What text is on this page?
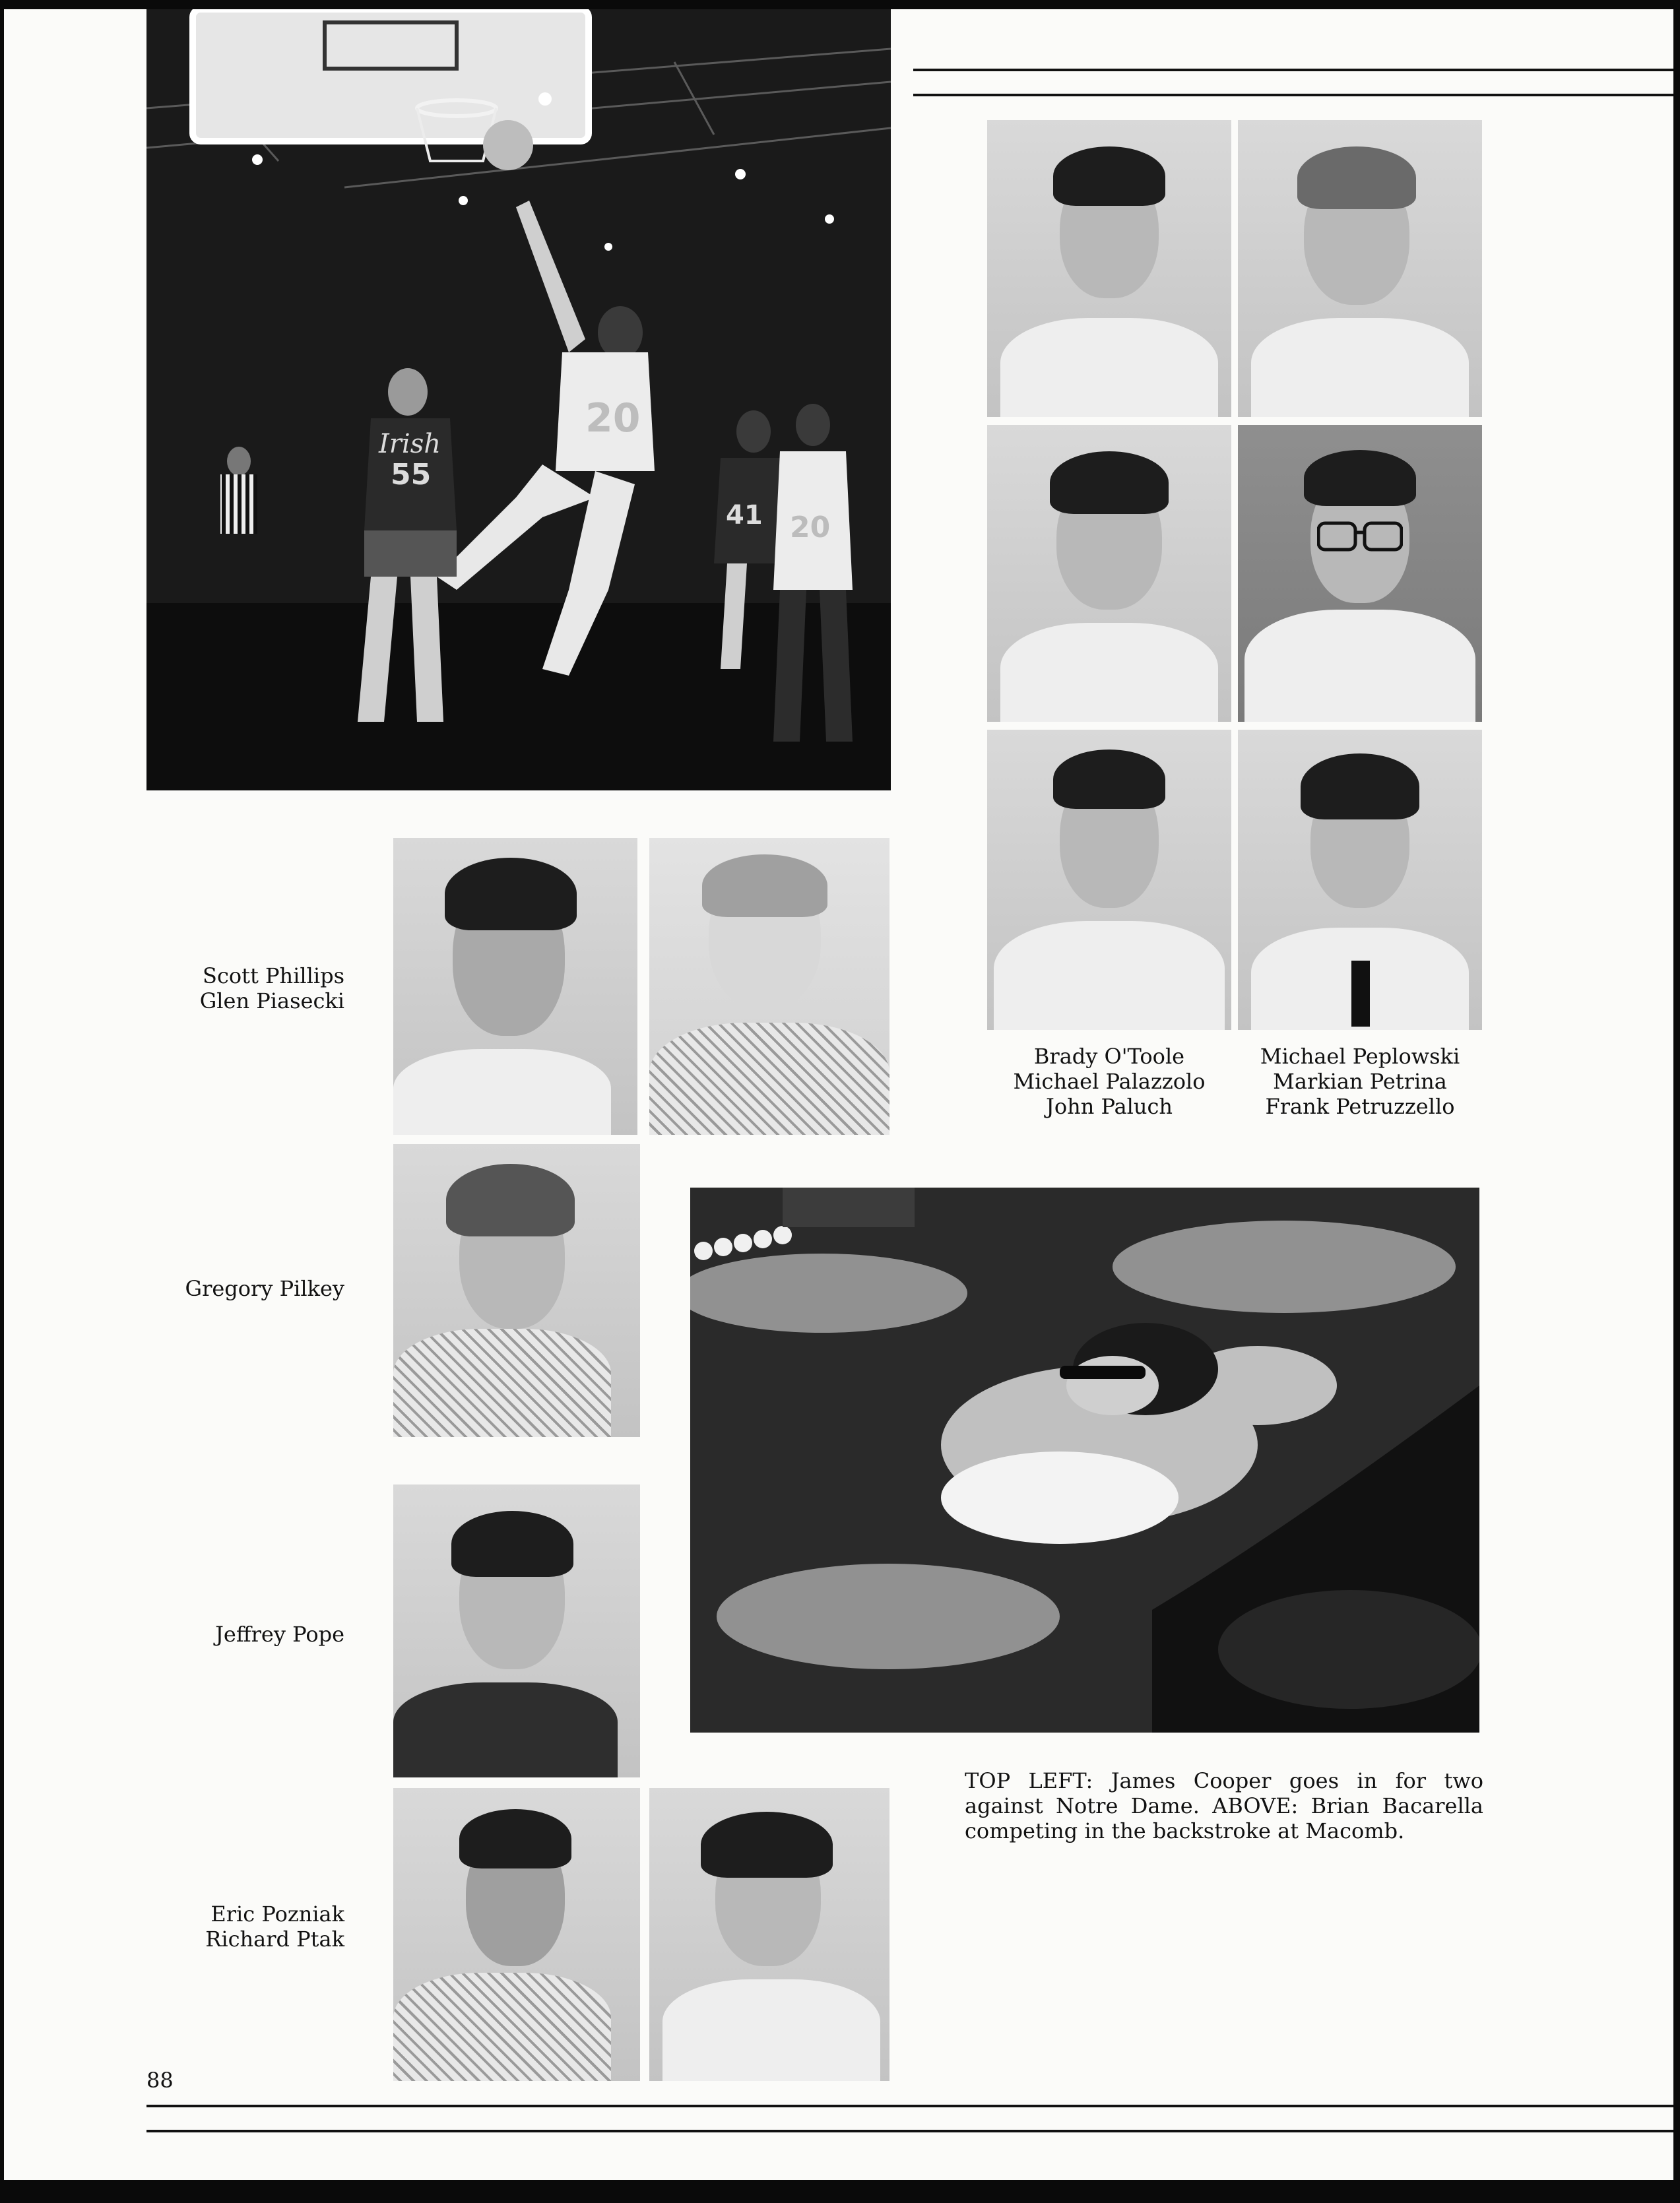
20
55
Irish
41 20
Brady O'Toole
Michael Palazzolo
John Paluch
Michael Peplowski
Markian Petrina
Frank Petruzzello
Scott Phillips
Glen Piasecki
Gregory Pilkey
Jeffrey Pope
Eric Pozniak
Richard Ptak
TOP LEFT: James Cooper goes in for two against Notre Dame. ABOVE: Brian Bacarella competing in the backstroke at Macomb.
88
